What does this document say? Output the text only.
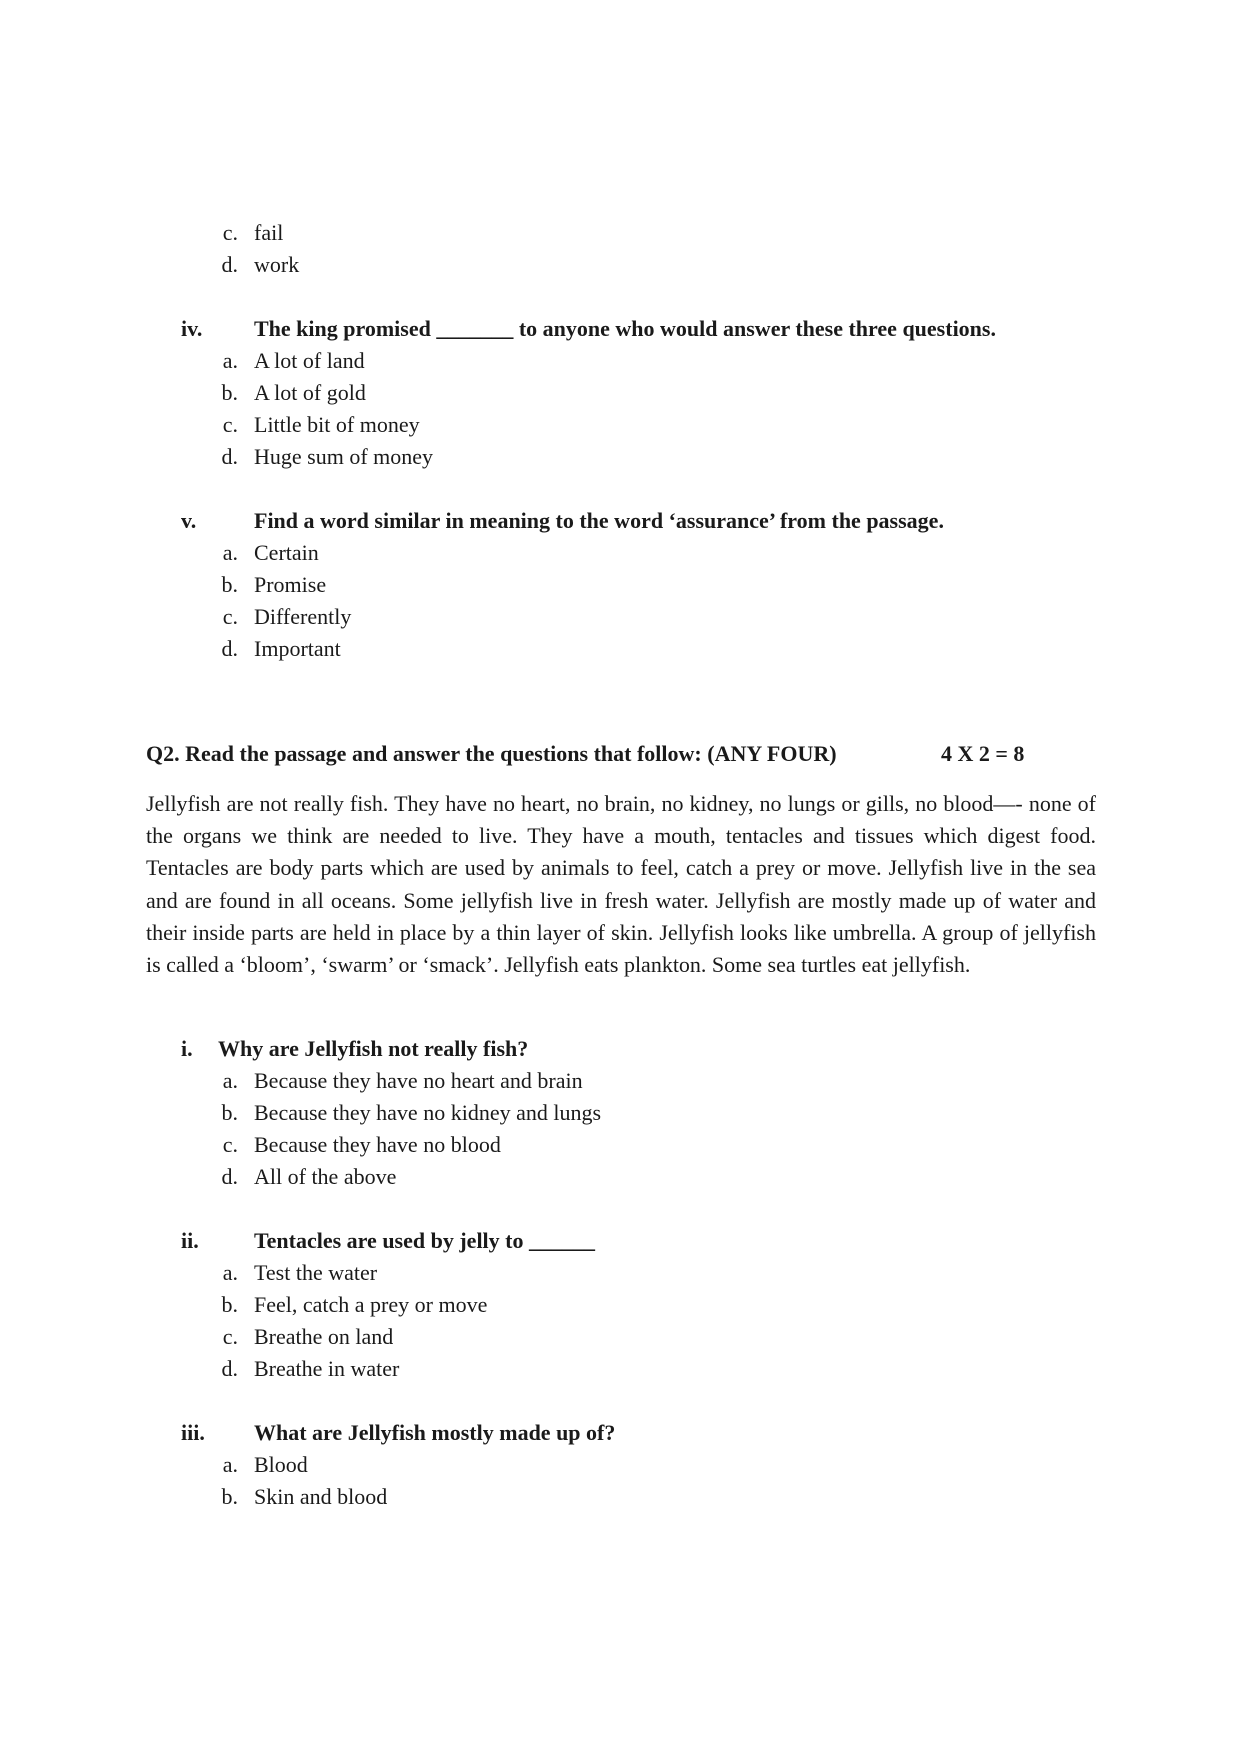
c. fail
d. work
iv. The king promised _______ to anyone who would answer these three questions.
a. A lot of land
b. A lot of gold
c. Little bit of money
d. Huge sum of money
v.	Find a word similar in meaning to the word ‘assurance’ from the passage.
a. Certain
b. Promise
c. Differently
d. Important
Q2. Read the passage and answer the questions that follow: (ANY FOUR)	4 X 2 = 8
Jellyfish are not really fish. They have no heart, no brain, no kidney, no lungs or gills, no blood—- none of the organs we think are needed to live. They have a mouth, tentacles and tissues which digest food. Tentacles are body parts which are used by animals to feel, catch a prey or move. Jellyfish live in the sea and are found in all oceans. Some jellyfish live in fresh water. Jellyfish are mostly made up of water and their inside parts are held in place by a thin layer of skin. Jellyfish looks like umbrella. A group of jellyfish is called a ‘bloom’, ‘swarm’ or ‘smack’. Jellyfish eats plankton. Some sea turtles eat jellyfish.
i. Why are Jellyfish not really fish?
a. Because they have no heart and brain
b. Because they have no kidney and lungs
c. Because they have no blood
d. All of the above
ii.	Tentacles are used by jelly to ______
a. Test the water
b. Feel, catch a prey or move
c. Breathe on land
d. Breathe in water
iii. What are Jellyfish mostly made up of?
a. Blood
b. Skin and blood
